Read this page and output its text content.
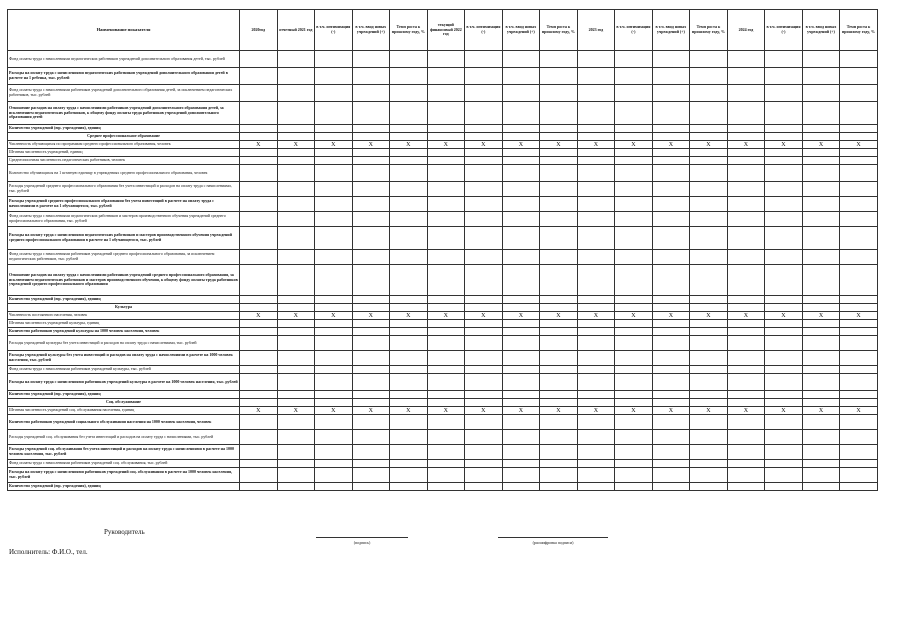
Наименование показателя	2020год	отчетный 2021 год	в т.ч. оптимизация (-)	в т.ч. ввод новых учреждений (+)	Темп роста к прошлому году, %	текущий финансовый 2022 год	в т.ч. оптимизация (-)	в т.ч. ввод новых учреждений (+)	Темп роста к прошлому году, %	2023 год	в т.ч. оптимизация (-)	в т.ч. ввод новых учреждений (+)	Темп роста к прошлому году, %	2024 год	в т.ч. оптимизация (-)	в т.ч. ввод новых учреждений (+)	Темп роста к прошлому году, %
Фонд оплаты труда с начислениями педагогических работников учреждений дополнительного образования детей, тыс. рублей																	
Расходы на оплату труда с начислениями педагогических работников учреждений дополнительного образования детей в расчете на 1 ребенка, тыс. рублей																	
Фонд оплаты труда с начислениями работников учреждений дополнительного образования детей, за исключением педагогических работников, тыс. рублей																	
Отношение расходов на оплату труда с начислениями работников учреждений дополнительного образования детей, за исключением педагогических работников, к общему фонду оплаты труда работников учреждений дополнительного образования детей																	
Количество учреждений (юр. учреждения), единиц																	
Среднее профессиональное образование																	
Численность обучающихся по программам среднего профессионального образования, человек	X	X	X	X	X	X	X	X	X	X	X	X	X	X	X	X	X
Штатная численность учреждений, единиц																	
Среднесписочная численность педагогических работников, человек																	
Количество обучающихся на 1 штатную единицу в учреждениях среднего профессионального образования, человек																	
Расходы учреждений среднего профессионального образования без учета инвестиций и расходов на оплату труда с начислениями, тыс. рублей																	
Расходы учреждений среднего профессионального образования без учета инвестиций в расчете на оплату труда с начислениями в расчете на 1 обучающегося, тыс. рублей																	
Фонд оплаты труда с начислениями педагогических работников и мастеров производственного обучения учреждений среднего профессионального образования, тыс. рублей																	
Расходы на оплату труда с начислениями педагогических работников и мастеров производственного обучения учреждений среднего профессионального образования в расчете на 1 обучающегося, тыс. рублей																	
Фонд оплаты труда с начислениями работников учреждений среднего профессионального образования, за исключением педагогических работников, тыс. рублей																	
Отношение расходов на оплату труда с начислениями работников учреждений среднего профессионального образования, за исключением педагогических работников и мастеров производственного обучения, к общему фонду оплаты труда работников учреждений среднего профессионального образования																	
Количество учреждений (юр. учреждения), единиц																	
Культура																	
Численность постоянного населения, человек	X	X	X	X	X	X	X	X	X	X	X	X	X	X	X	X	X
Штатная численность учреждений культуры, единиц																	
Количество работников учреждений культуры на 1000 человек населения, человек																	
Расходы учреждений культуры без учета инвестиций и расходов на оплату труда с начислениями, тыс. рублей																	
Расходы учреждений культуры без учета инвестиций и расходов на оплату труда с начислениями в расчете на 1000 человек населения, тыс. рублей																	
Фонд оплаты труда с начислениями работников учреждений культуры, тыс. рублей																	
Расходы на оплату труда с начислениями работников учреждений культуры в расчете на 1000 человек населения, тыс. рублей																	
Количество учреждений (юр. учреждения), единиц																	
Соц. обслуживание																	
Штатная численность учреждений соц. обслуживания населения, единиц	X	X	X	X	X	X	X	X	X	X	X	X	X	X	X	X	X
Количество работников учреждений социального обслуживания населения на 1000 человек населения, человек																	
Расходы учреждений соц. обслуживания без учета инвестиций и расходов на оплату труда с начислениями, тыс. рублей																	
Расходы учреждений соц. обслуживания без учета инвестиций и расходов на оплату труда с начислениями в расчете на 1000 человек населения, тыс. рублей																	
Фонд оплаты труда с начислениями работников учреждений соц. обслуживания, тыс. рублей																	
Расходы на оплату труда с начислениями работников учреждений соц. обслуживания в расчете на 1000 человек населения, тыс. рублей																	
Количество учреждений (юр. учреждения), единиц																	
Руководитель
(подпись)	(расшифровка подписи)
Исполнитель: Ф.И.О., тел.
